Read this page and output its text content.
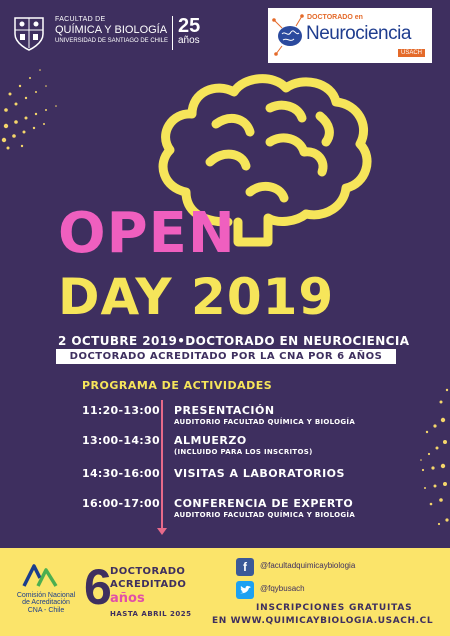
FACULTAD DE
QUÍMICA Y BIOLOGÍA
UNIVERSIDAD DE SANTIAGO DE CHILE
25
años
DOCTORADO en
Neurociencia
USACH
OPEN
DAY 2019
2 OCTUBRE 2019•DOCTORADO EN NEUROCIENCIA
DOCTORADO ACREDITADO POR LA CNA POR 6 AÑOS
PROGRAMA DE ACTIVIDADES
11:20-13:00 PRESENTACIÓN
AUDITORIO FACULTAD QUÍMICA Y BIOLOGÍA
13:00-14:30 ALMUERZO
(INCLUIDO PARA LOS INSCRITOS)
14:30-16:00 VISITAS A LABORATORIOS
16:00-17:00 CONFERENCIA DE EXPERTO
AUDITORIO FACULTAD QUÍMICA Y BIOLOGÍA
Comisión Nacional
de Acreditación
CNA - Chile 6
DOCTORADO
ACREDITADO
años
HASTA ABRIL 2025
f	@facultadquimicaybiologia
@fqybusach
INSCRIPCIONES GRATUITAS
EN WWW.QUIMICAYBIOLOGIA.USACH.CL
